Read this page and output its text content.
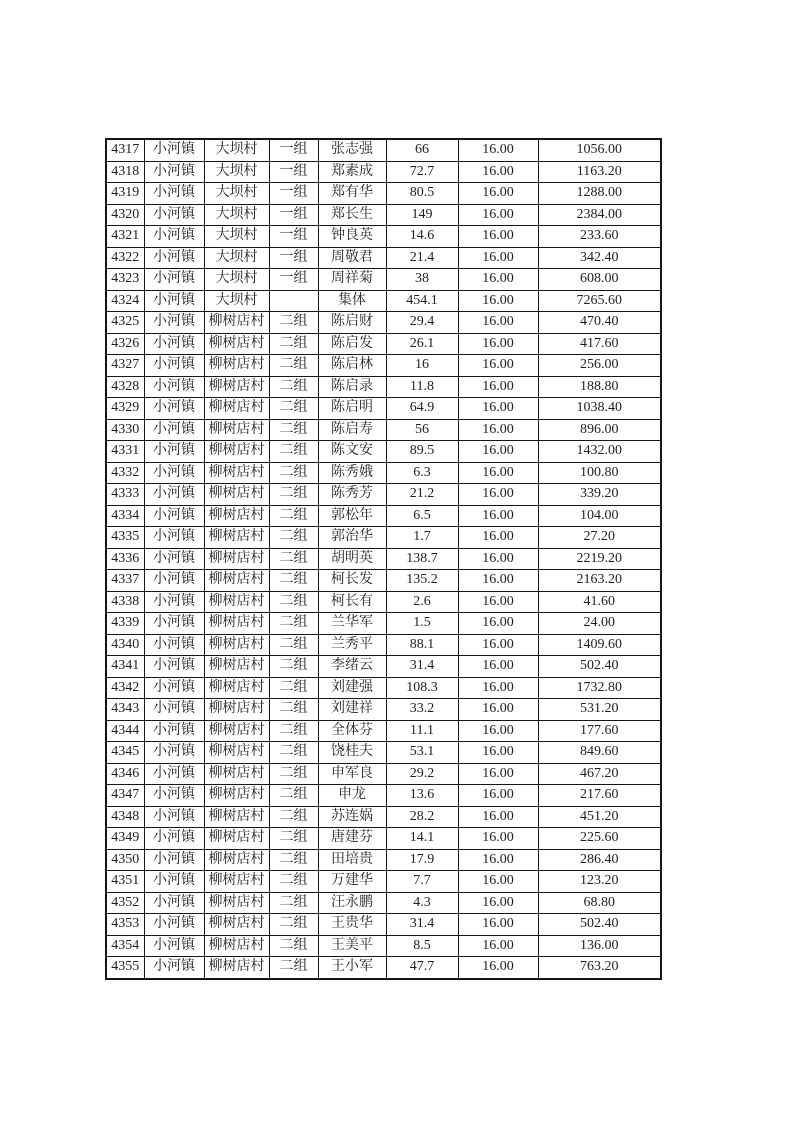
4317	小河镇	大坝村	一组	张志强	66	16.00	1056.00
4318	小河镇	大坝村	一组	郑素成	72.7	16.00	1163.20
4319	小河镇	大坝村	一组	郑有华	80.5	16.00	1288.00
4320	小河镇	大坝村	一组	郑长生	149	16.00	2384.00
4321	小河镇	大坝村	一组	钟良英	14.6	16.00	233.60
4322	小河镇	大坝村	一组	周敬君	21.4	16.00	342.40
4323	小河镇	大坝村	一组	周祥菊	38	16.00	608.00
4324	小河镇	大坝村		集体	454.1	16.00	7265.60
4325	小河镇	柳树店村	二组	陈启财	29.4	16.00	470.40
4326	小河镇	柳树店村	二组	陈启发	26.1	16.00	417.60
4327	小河镇	柳树店村	二组	陈启林	16	16.00	256.00
4328	小河镇	柳树店村	二组	陈启录	11.8	16.00	188.80
4329	小河镇	柳树店村	二组	陈启明	64.9	16.00	1038.40
4330	小河镇	柳树店村	二组	陈启寿	56	16.00	896.00
4331	小河镇	柳树店村	二组	陈文安	89.5	16.00	1432.00
4332	小河镇	柳树店村	二组	陈秀娥	6.3	16.00	100.80
4333	小河镇	柳树店村	二组	陈秀芳	21.2	16.00	339.20
4334	小河镇	柳树店村	二组	郭松年	6.5	16.00	104.00
4335	小河镇	柳树店村	二组	郭治华	1.7	16.00	27.20
4336	小河镇	柳树店村	二组	胡明英	138.7	16.00	2219.20
4337	小河镇	柳树店村	二组	柯长发	135.2	16.00	2163.20
4338	小河镇	柳树店村	二组	柯长有	2.6	16.00	41.60
4339	小河镇	柳树店村	二组	兰华军	1.5	16.00	24.00
4340	小河镇	柳树店村	二组	兰秀平	88.1	16.00	1409.60
4341	小河镇	柳树店村	二组	李绪云	31.4	16.00	502.40
4342	小河镇	柳树店村	二组	刘建强	108.3	16.00	1732.80
4343	小河镇	柳树店村	二组	刘建祥	33.2	16.00	531.20
4344	小河镇	柳树店村	二组	全体芬	11.1	16.00	177.60
4345	小河镇	柳树店村	二组	饶桂夫	53.1	16.00	849.60
4346	小河镇	柳树店村	二组	申军良	29.2	16.00	467.20
4347	小河镇	柳树店村	二组	申龙	13.6	16.00	217.60
4348	小河镇	柳树店村	二组	苏连娲	28.2	16.00	451.20
4349	小河镇	柳树店村	二组	唐建芬	14.1	16.00	225.60
4350	小河镇	柳树店村	二组	田培贵	17.9	16.00	286.40
4351	小河镇	柳树店村	二组	万建华	7.7	16.00	123.20
4352	小河镇	柳树店村	二组	汪永鹏	4.3	16.00	68.80
4353	小河镇	柳树店村	二组	王贵华	31.4	16.00	502.40
4354	小河镇	柳树店村	二组	王美平	8.5	16.00	136.00
4355	小河镇	柳树店村	二组	王小军	47.7	16.00	763.20
